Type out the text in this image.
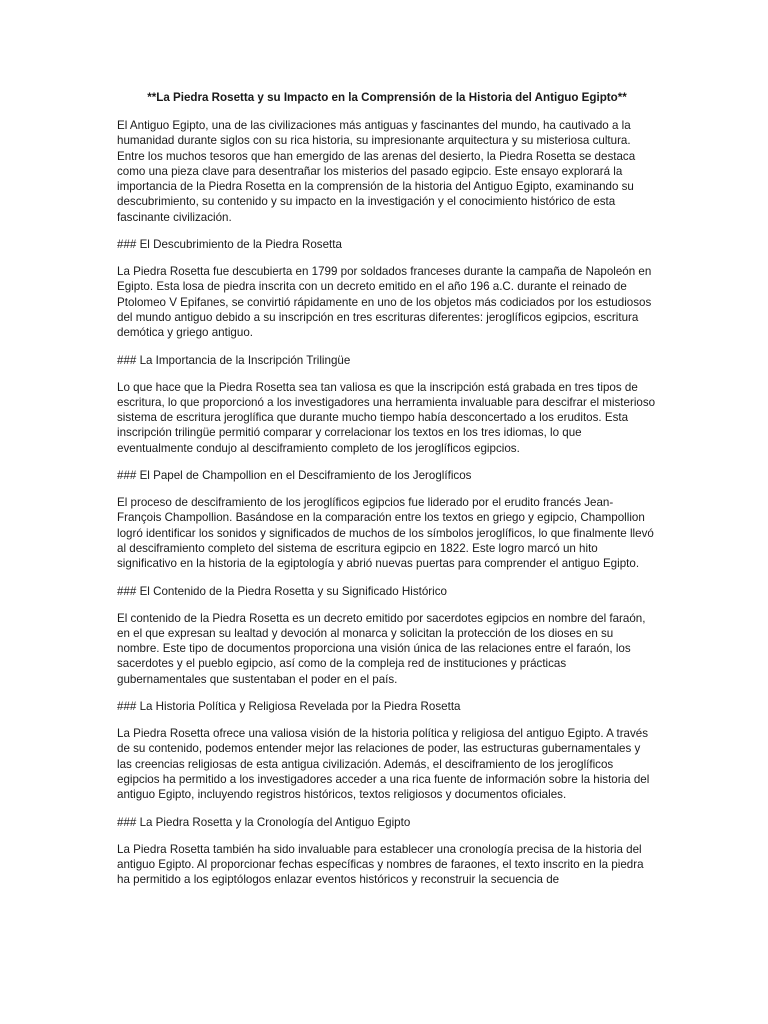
**La Piedra Rosetta y su Impacto en la Comprensión de la Historia del Antiguo Egipto**

El Antiguo Egipto, una de las civilizaciones más antiguas y fascinantes del mundo, ha cautivado a la humanidad durante siglos con su rica historia, su impresionante arquitectura y su misteriosa cultura. Entre los muchos tesoros que han emergido de las arenas del desierto, la Piedra Rosetta se destaca como una pieza clave para desentrañar los misterios del pasado egipcio. Este ensayo explorará la importancia de la Piedra Rosetta en la comprensión de la historia del Antiguo Egipto, examinando su descubrimiento, su contenido y su impacto en la investigación y el conocimiento histórico de esta fascinante civilización.

### El Descubrimiento de la Piedra Rosetta

La Piedra Rosetta fue descubierta en 1799 por soldados franceses durante la campaña de Napoleón en Egipto. Esta losa de piedra inscrita con un decreto emitido en el año 196 a.C. durante el reinado de Ptolomeo V Epifanes, se convirtió rápidamente en uno de los objetos más codiciados por los estudiosos del mundo antiguo debido a su inscripción en tres escrituras diferentes: jeroglíficos egipcios, escritura demótica y griego antiguo.

### La Importancia de la Inscripción Trilingüe

Lo que hace que la Piedra Rosetta sea tan valiosa es que la inscripción está grabada en tres tipos de escritura, lo que proporcionó a los investigadores una herramienta invaluable para descifrar el misterioso sistema de escritura jeroglífica que durante mucho tiempo había desconcertado a los eruditos. Esta inscripción trilingüe permitió comparar y correlacionar los textos en los tres idiomas, lo que eventualmente condujo al desciframiento completo de los jeroglíficos egipcios.

### El Papel de Champollion en el Desciframiento de los Jeroglíficos

El proceso de desciframiento de los jeroglíficos egipcios fue liderado por el erudito francés Jean-François Champollion. Basándose en la comparación entre los textos en griego y egipcio, Champollion logró identificar los sonidos y significados de muchos de los símbolos jeroglíficos, lo que finalmente llevó al desciframiento completo del sistema de escritura egipcio en 1822. Este logro marcó un hito significativo en la historia de la egiptología y abrió nuevas puertas para comprender el antiguo Egipto.

### El Contenido de la Piedra Rosetta y su Significado Histórico

El contenido de la Piedra Rosetta es un decreto emitido por sacerdotes egipcios en nombre del faraón, en el que expresan su lealtad y devoción al monarca y solicitan la protección de los dioses en su nombre. Este tipo de documentos proporciona una visión única de las relaciones entre el faraón, los sacerdotes y el pueblo egipcio, así como de la compleja red de instituciones y prácticas gubernamentales que sustentaban el poder en el país.

### La Historia Política y Religiosa Revelada por la Piedra Rosetta

La Piedra Rosetta ofrece una valiosa visión de la historia política y religiosa del antiguo Egipto. A través de su contenido, podemos entender mejor las relaciones de poder, las estructuras gubernamentales y las creencias religiosas de esta antigua civilización. Además, el desciframiento de los jeroglíficos egipcios ha permitido a los investigadores acceder a una rica fuente de información sobre la historia del antiguo Egipto, incluyendo registros históricos, textos religiosos y documentos oficiales.

### La Piedra Rosetta y la Cronología del Antiguo Egipto

La Piedra Rosetta también ha sido invaluable para establecer una cronología precisa de la historia del antiguo Egipto. Al proporcionar fechas específicas y nombres de faraones, el texto inscrito en la piedra ha permitido a los egiptólogos enlazar eventos históricos y reconstruir la secuencia de
